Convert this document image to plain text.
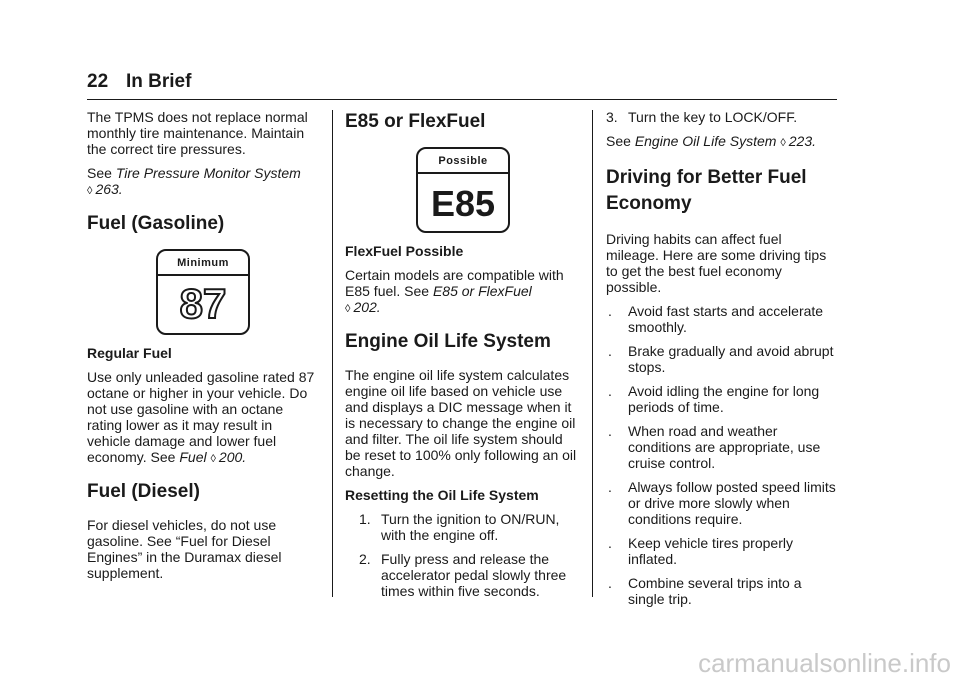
22 In Brief

The TPMS does not replace normal monthly tire maintenance. Maintain the correct tire pressures.

See Tire Pressure Monitor System
◊ 263.

Fuel (Gasoline)
Minimum
87

Regular Fuel

Use only unleaded gasoline rated 87 octane or higher in your vehicle. Do not use gasoline with an octane rating lower as it may result in vehicle damage and lower fuel economy. See Fuel ◊ 200.

Fuel (Diesel)

For diesel vehicles, do not use gasoline. See “Fuel for Diesel Engines” in the Duramax diesel supplement.

E85 or FlexFuel
Possible
E85

FlexFuel Possible

Certain models are compatible with E85 fuel. See E85 or FlexFuel
◊ 202.

Engine Oil Life System

The engine oil life system calculates engine oil life based on vehicle use and displays a DIC message when it is necessary to change the engine oil and filter. The oil life system should be reset to 100% only following an oil change.

Resetting the Oil Life System

1. Turn the ignition to ON/RUN, with the engine off.
2. Fully press and release the accelerator pedal slowly three times within five seconds.
3. Turn the key to LOCK/OFF.

See Engine Oil Life System ◊ 223.

Driving for Better Fuel Economy

Driving habits can affect fuel mileage. Here are some driving tips to get the best fuel economy possible.

. Avoid fast starts and accelerate smoothly.
. Brake gradually and avoid abrupt stops.
. Avoid idling the engine for long periods of time.
. When road and weather conditions are appropriate, use cruise control.
. Always follow posted speed limits or drive more slowly when conditions require.
. Keep vehicle tires properly inflated.
. Combine several trips into a single trip.
carmanualsonline.info
